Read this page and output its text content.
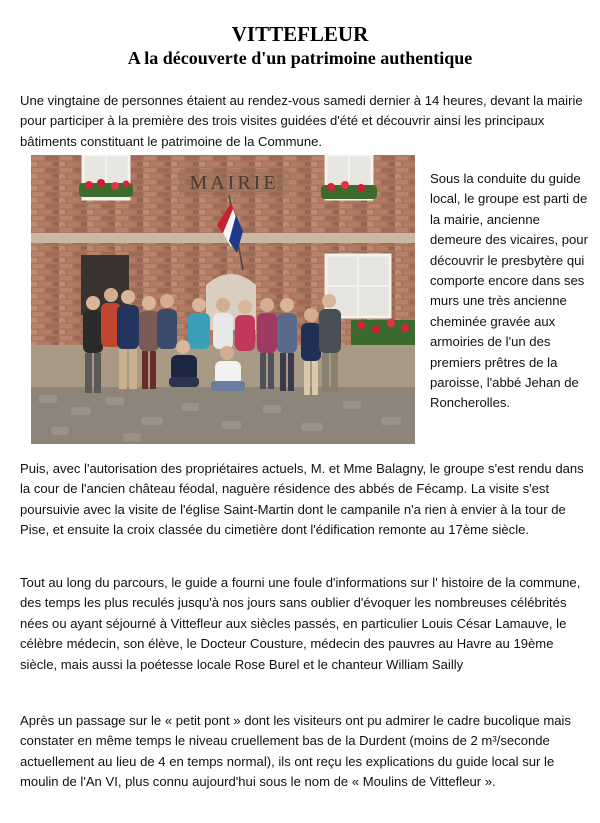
VITTEFLEUR
A la découverte d'un patrimoine authentique

Une vingtaine de personnes étaient au rendez-vous samedi dernier à 14 heures, devant la mairie pour participer à la première des trois visites guidées d'été et découvrir ainsi les principaux bâtiments constituant le patrimoine de la Commune.

MAIRIE	Sous la conduite du guide local, le groupe est parti de la mairie, ancienne demeure des vicaires, pour découvrir le presbytère qui comporte encore dans ses murs une très ancienne cheminée gravée aux armoiries de l'un des premiers prêtres de la paroisse, l'abbé Jehan de Roncherolles.

Puis, avec l'autorisation des propriétaires actuels, M. et Mme Balagny, le groupe s'est rendu dans la cour de l'ancien château féodal, naguère résidence des abbés de Fécamp. La visite s'est poursuivie avec la visite de l'église Saint-Martin dont le campanile n'a rien à envier à la tour de Pise, et ensuite la croix classée du cimetière dont l'édification remonte au 17ème siècle.

Tout au long du parcours, le guide a fourni une foule d'informations sur l' histoire de la commune, des temps les plus reculés jusqu'à nos jours sans oublier d'évoquer les nombreuses célébrités nées ou ayant séjourné à Vittefleur aux siècles passés, en particulier Louis César Lamauve, le célèbre médecin, son élève, le Docteur Cousture, médecin des pauvres au Havre au 19ème siècle, mais aussi la poétesse locale Rose Burel et le chanteur William Sailly

Après un passage sur le « petit pont » dont les visiteurs ont pu admirer le cadre bucolique mais constater en même temps le niveau cruellement bas de la Durdent (moins de 2 m³/seconde actuellement au lieu de 4 en temps normal), ils ont reçu les explications du guide local sur le moulin de l'An VI, plus connu aujourd'hui sous le nom de « Moulins de Vittefleur ».
